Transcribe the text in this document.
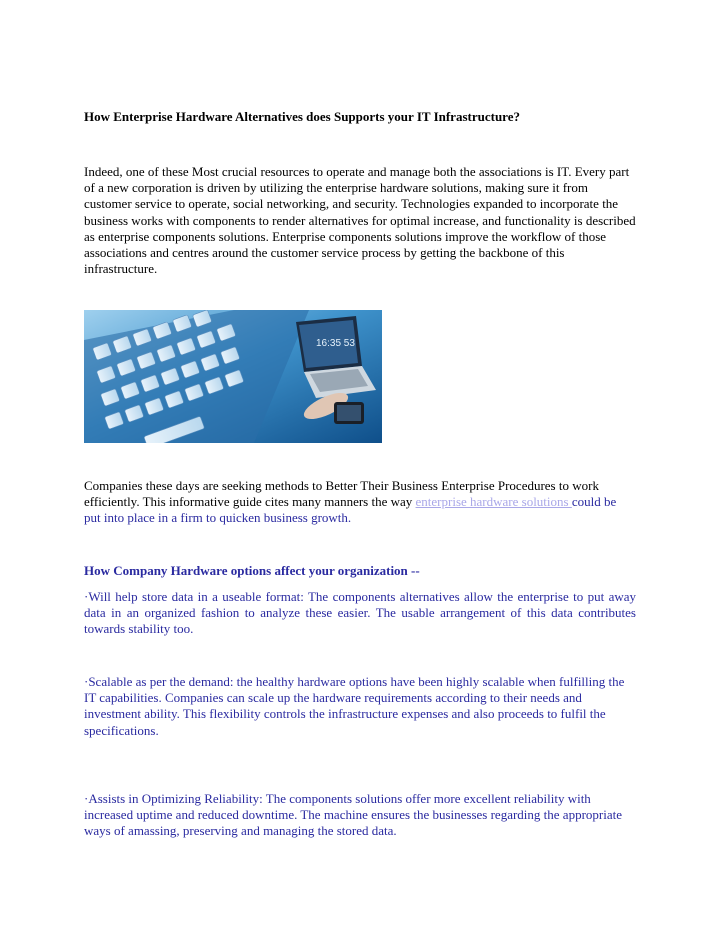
How Enterprise Hardware Alternatives does Supports your IT Infrastructure?

Indeed, one of these Most crucial resources to operate and manage both the associations is IT. Every part of a new corporation is driven by utilizing the enterprise hardware solutions, making sure it from customer service to operate, social networking, and security. Technologies expanded to incorporate the business works with components to render alternatives for optimal increase, and functionality is described as enterprise components solutions. Enterprise components solutions improve the workflow of those associations and centres around the customer service process by getting the backbone of this infrastructure.

16:35 53

Companies these days are seeking methods to Better Their Business Enterprise Procedures to work efficiently. This informative guide cites many manners the way enterprise hardware solutions could be put into place in a firm to quicken business growth.

How Company Hardware options affect your organization --

·Will help store data in a useable format: The components alternatives allow the enterprise to put away data in an organized fashion to analyze these easier. The usable arrangement of this data contributes towards stability too.

·Scalable as per the demand: the healthy hardware options have been highly scalable when fulfilling the IT capabilities. Companies can scale up the hardware requirements according to their needs and investment ability. This flexibility controls the infrastructure expenses and also proceeds to fulfil the specifications.

·Assists in Optimizing Reliability: The components solutions offer more excellent reliability with increased uptime and reduced downtime. The machine ensures the businesses regarding the appropriate ways of amassing, preserving and managing the stored data.
